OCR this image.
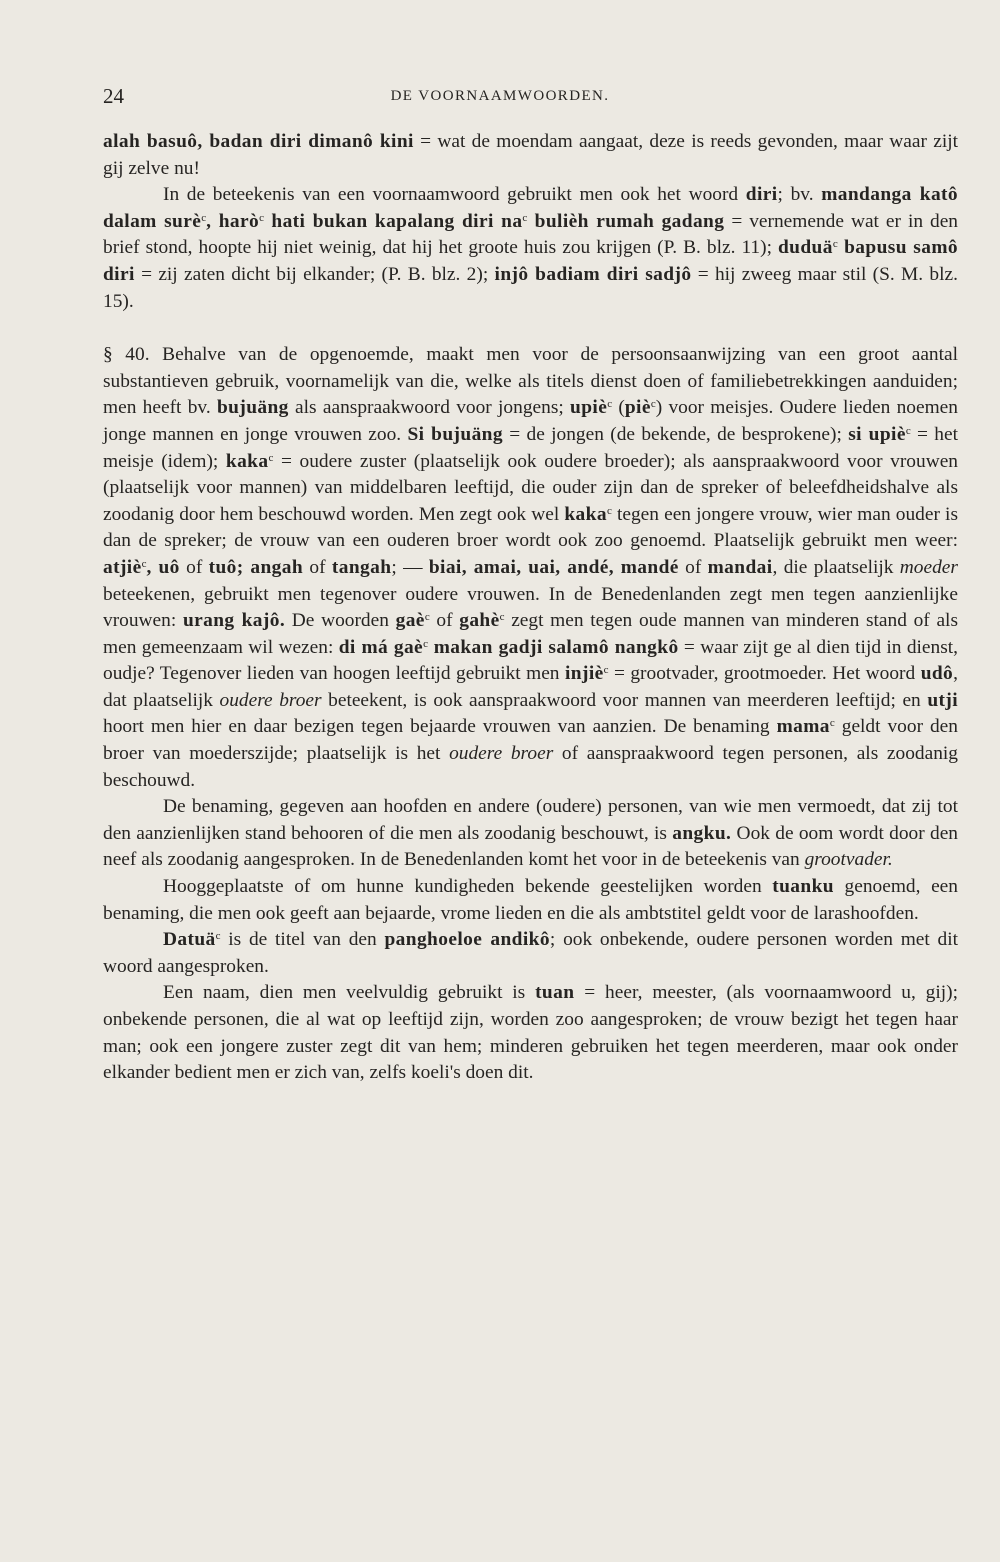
24	DE VOORNAAMWOORDEN.

alah basuô, badan diri dimanô kini = wat de moendam aangaat, deze is reeds gevonden, maar waar zijt gij zelve nu!

In de beteekenis van een voornaamwoord gebruikt men ook het woord diri; bv. mandanga katô dalam surè$^c$, harò$^c$ hati bukan kapalang diri $na^c$ bulièh rumah gadang = vernemende wat er in den brief stond, hoopte hij niet weinig, dat hij het groote huis zou krijgen (P. B. blz. 11); duduä$^c$ bapusu samô diri = zij zaten dicht bij elkander; (P. B. blz. 2); injô badiam diri sadjô = hij zweeg maar stil (S. M. blz. 15).

§ 40. Behalve van de opgenoemde, maakt men voor de persoonsaanwijzing van een groot aantal substantieven gebruik, voornamelijk van die, welke als titels dienst doen of familiebetrekkingen aanduiden; men heeft bv. bujuäng als aanspraakwoord voor jongens; upiè$^c$ (piè$^c$) voor meisjes. Oudere lieden noemen jonge mannen en jonge vrouwen zoo. Si bujuäng = de jongen (de bekende, de besprokene); si upiè$^c$ = het meisje (idem); kaka$^c$ = oudere zuster (plaatselijk ook oudere broeder); als aanspraakwoord voor vrouwen (plaatselijk voor mannen) van middelbaren leeftijd, die ouder zijn dan de spreker of beleefdheidshalve als zoodanig door hem beschouwd worden. Men zegt ook wel kaka$^c$ tegen een jongere vrouw, wier man ouder is dan de spreker; de vrouw van een ouderen broer wordt ook zoo genoemd. Plaatselijk gebruikt men weer: atjiè$^c$, uô of tuô; angah of tangah; — biai, amai, uai, andé, mandé of mandai, die plaatselijk moeder beteekenen, gebruikt men tegenover oudere vrouwen. In de Benedenlanden zegt men tegen aanzienlijke vrouwen: urang kajô. De woorden gaè$^c$ of gahè$^c$ zegt men tegen oude mannen van minderen stand of als men gemeenzaam wil wezen: di má gaè$^c$ makan gadji salamô nangkô = waar zijt ge al dien tijd in dienst, oudje? Tegenover lieden van hoogen leeftijd gebruikt men injiè$^c$ = grootvader, grootmoeder. Het woord udô, dat plaatselijk oudere broer beteekent, is ook aanspraakwoord voor mannen van meerderen leeftijd; en utji hoort men hier en daar bezigen tegen bejaarde vrouwen van aanzien. De benaming mama$^c$ geldt voor den broer van moederszijde; plaatselijk is het oudere broer of aanspraakwoord tegen personen, als zoodanig beschouwd.

De benaming, gegeven aan hoofden en andere (oudere) personen, van wie men vermoedt, dat zij tot den aanzienlijken stand behooren of die men als zoodanig beschouwt, is angku. Ook de oom wordt door den neef als zoodanig aangesproken. In de Benedenlanden komt het voor in de beteekenis van grootvader.

Hooggeplaatste of om hunne kundigheden bekende geestelijken worden tuanku genoemd, een benaming, die men ook geeft aan bejaarde, vrome lieden en die als ambtstitel geldt voor de larashoofden.

Datuä$^c$ is de titel van den panghoeloe andikô; ook onbekende, oudere personen worden met dit woord aangesproken.

Een naam, dien men veelvuldig gebruikt is tuan = heer, meester, (als voornaamwoord u, gij); onbekende personen, die al wat op leeftijd zijn, worden zoo aangesproken; de vrouw bezigt het tegen haar man; ook een jongere zuster zegt dit van hem; minderen gebruiken het tegen meerderen, maar ook onder elkander bedient men er zich van, zelfs koeli's doen dit.
